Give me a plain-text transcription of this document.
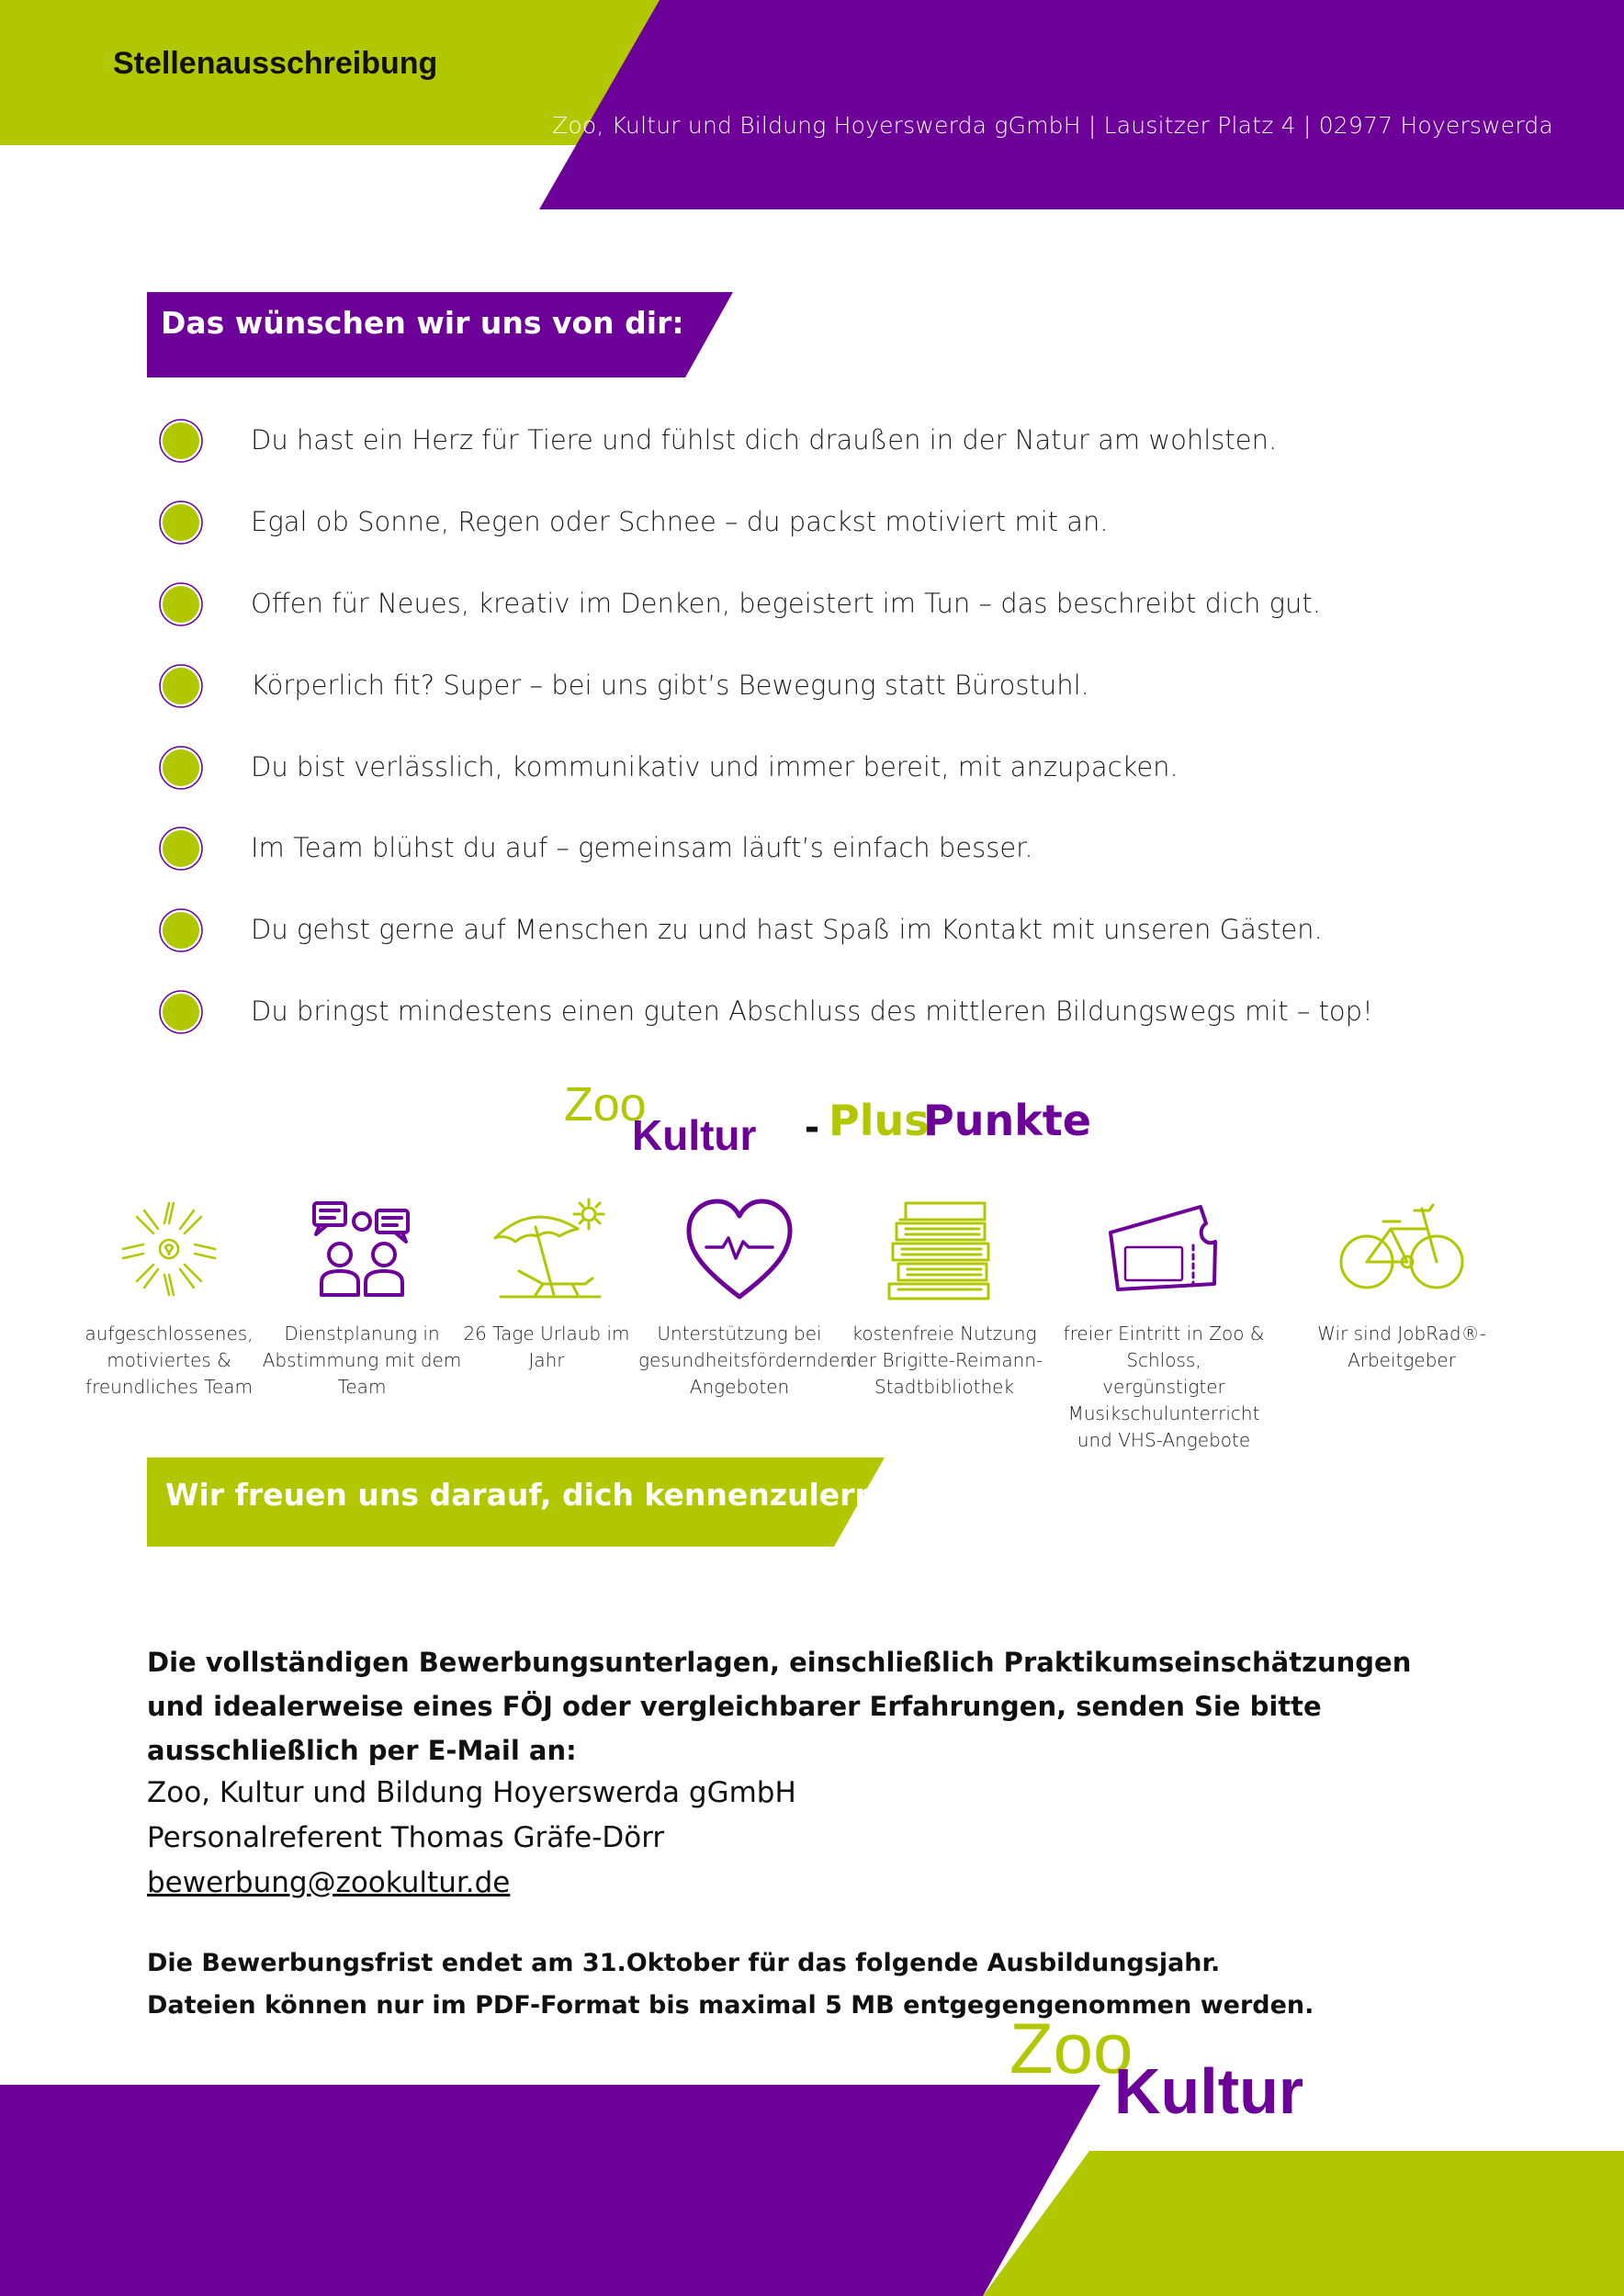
Stellenausschreibung
Zoo, Kultur und Bildung Hoyerswerda gGmbH | Lausitzer Platz 4 | 02977 Hoyerswerda
Das wünschen wir uns von dir:
Du hast ein Herz für Tiere und fühlst dich draußen in der Natur am wohlsten.
Egal ob Sonne, Regen oder Schnee – du packst motiviert mit an.
Offen für Neues, kreativ im Denken, begeistert im Tun – das beschreibt dich gut.
Körperlich fit? Super – bei uns gibt’s Bewegung statt Bürostuhl.
Du bist verlässlich, kommunikativ und immer bereit, mit anzupacken.
Im Team blühst du auf – gemeinsam läuft’s einfach besser.
Du gehst gerne auf Menschen zu und hast Spaß im Kontakt mit unseren Gästen.
Du bringst mindestens einen guten Abschluss des mittleren Bildungswegs mit – top!
Zoo
Kultur - Plus
Punkte
aufgeschlossenes, motiviertes & freundliches Team
Dienstplanung in Abstimmung mit dem Team
26 Tage Urlaub im Jahr
Unterstützung bei gesundheitsfördernden Angeboten
kostenfreie Nutzung der Brigitte-Reimann-Stadtbibliothek
freier Eintritt in Zoo & Schloss, vergünstigter Musikschulunterricht und VHS-Angebote
Wir sind JobRad®- Arbeitgeber
Wir freuen uns darauf, dich kennenzulernen!
Die vollständigen Bewerbungsunterlagen, einschließlich Praktikumseinschätzungen und idealerweise eines FÖJ oder vergleichbarer Erfahrungen, senden Sie bitte ausschließlich per E-Mail an:
Zoo, Kultur und Bildung Hoyerswerda gGmbH
Personalreferent Thomas Gräfe-Dörr
bewerbung@zookultur.de
Die Bewerbungsfrist endet am 31.Oktober für das folgende Ausbildungsjahr.
Dateien können nur im PDF-Format bis maximal 5 MB entgegengenommen werden.
Zoo
Kultur
